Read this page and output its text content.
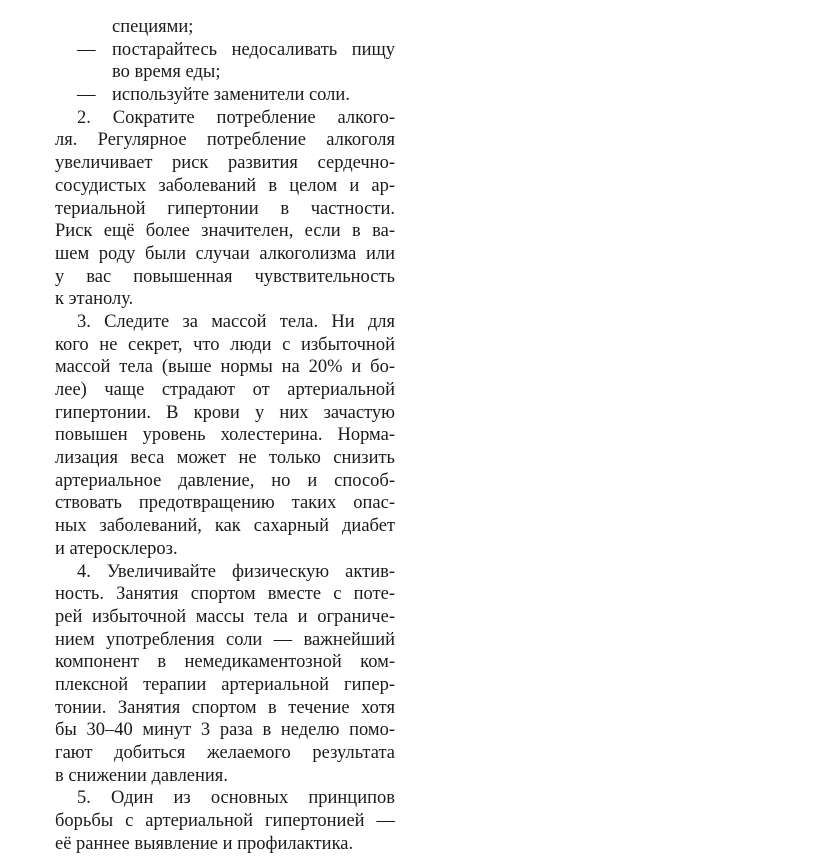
специями;
— постарайтесь недосаливать пищу
во время еды;
— используйте заменители соли.
2. Сократите потребление алкого-
ля. Регулярное потребление алкоголя
увеличивает риск развития сердечно-
сосудистых заболеваний в целом и ар-
териальной гипертонии в частности.
Риск ещё более значителен, если в ва-
шем роду были случаи алкоголизма или
у вас повышенная чувствительность
к этанолу.
3. Следите за массой тела. Ни для
кого не секрет, что люди с избыточной
массой тела (выше нормы на 20% и бо-
лее) чаще страдают от артериальной
гипертонии. В крови у них зачастую
повышен уровень холестерина. Норма-
лизация веса может не только снизить
артериальное давление, но и способ-
ствовать предотвращению таких опас-
ных заболеваний, как сахарный диабет
и атеросклероз.
4. Увеличивайте физическую актив-
ность. Занятия спортом вместе с поте-
рей избыточной массы тела и ограниче-
нием употребления соли — важнейший
компонент в немедикаментозной ком-
плексной терапии артериальной гипер-
тонии. Занятия спортом в течение хотя
бы 30–40 минут 3 раза в неделю помо-
гают добиться желаемого результата
в снижении давления.
5. Один из основных принципов
борьбы с артериальной гипертонией —
её раннее выявление и профилактика.
